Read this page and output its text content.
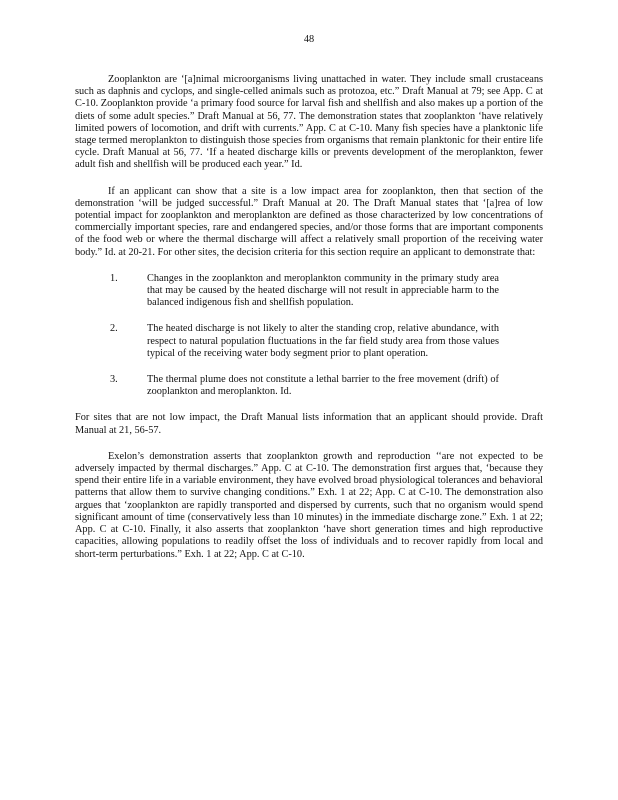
48

Zooplankton are ‘[a]nimal microorganisms living unattached in water. They include small crustaceans such as daphnis and cyclops, and single-celled animals such as protozoa, etc.” Draft Manual at 79; see App. C at C-10. Zooplankton provide ‘a primary food source for larval fish and shellfish and also makes up a portion of the diets of some adult species.” Draft Manual at 56, 77. The demonstration states that zooplankton ‘have relatively limited powers of locomotion, and drift with currents.” App. C at C-10. Many fish species have a planktonic life stage termed meroplankton to distinguish those species from organisms that remain planktonic for their entire life cycle. Draft Manual at 56, 77. ‘If a heated discharge kills or prevents development of the meroplankton, fewer adult fish and shellfish will be produced each year.” Id.

If an applicant can show that a site is a low impact area for zooplankton, then that section of the demonstration ‘will be judged successful.” Draft Manual at 20. The Draft Manual states that ‘[a]rea of low potential impact for zooplankton and meroplankton are defined as those characterized by low concentrations of commercially important species, rare and endangered species, and/or those forms that are important components of the food web or where the thermal discharge will affect a relatively small proportion of the receiving water body.” Id. at 20-21. For other sites, the decision criteria for this section require an applicant to demonstrate that:

1.	Changes in the zooplankton and meroplankton community in the primary study area that may be caused by the heated discharge will not result in appreciable harm to the balanced indigenous fish and shellfish population.
2.	The heated discharge is not likely to alter the standing crop, relative abundance, with respect to natural population fluctuations in the far field study area from those values typical of the receiving water body segment prior to plant operation.
3.	The thermal plume does not constitute a lethal barrier to the free movement (drift) of zooplankton and meroplankton. Id.

For sites that are not low impact, the Draft Manual lists information that an applicant should provide. Draft Manual at 21, 56-57.

Exelon’s demonstration asserts that zooplankton growth and reproduction ‘‘are not expected to be adversely impacted by thermal discharges.” App. C at C-10. The demonstration first argues that, ‘because they spend their entire life in a variable environment, they have evolved broad physiological tolerances and behavioral patterns that allow them to survive changing conditions.” Exh. 1 at 22; App. C at C-10. The demonstration also argues that ‘zooplankton are rapidly transported and dispersed by currents, such that no organism would spend significant amount of time (conservatively less than 10 minutes) in the immediate discharge zone.” Exh. 1 at 22; App. C at C-10. Finally, it also asserts that zooplankton ‘have short generation times and high reproductive capacities, allowing populations to readily offset the loss of individuals and to recover rapidly from local and short-term perturbations.” Exh. 1 at 22; App. C at C-10.
